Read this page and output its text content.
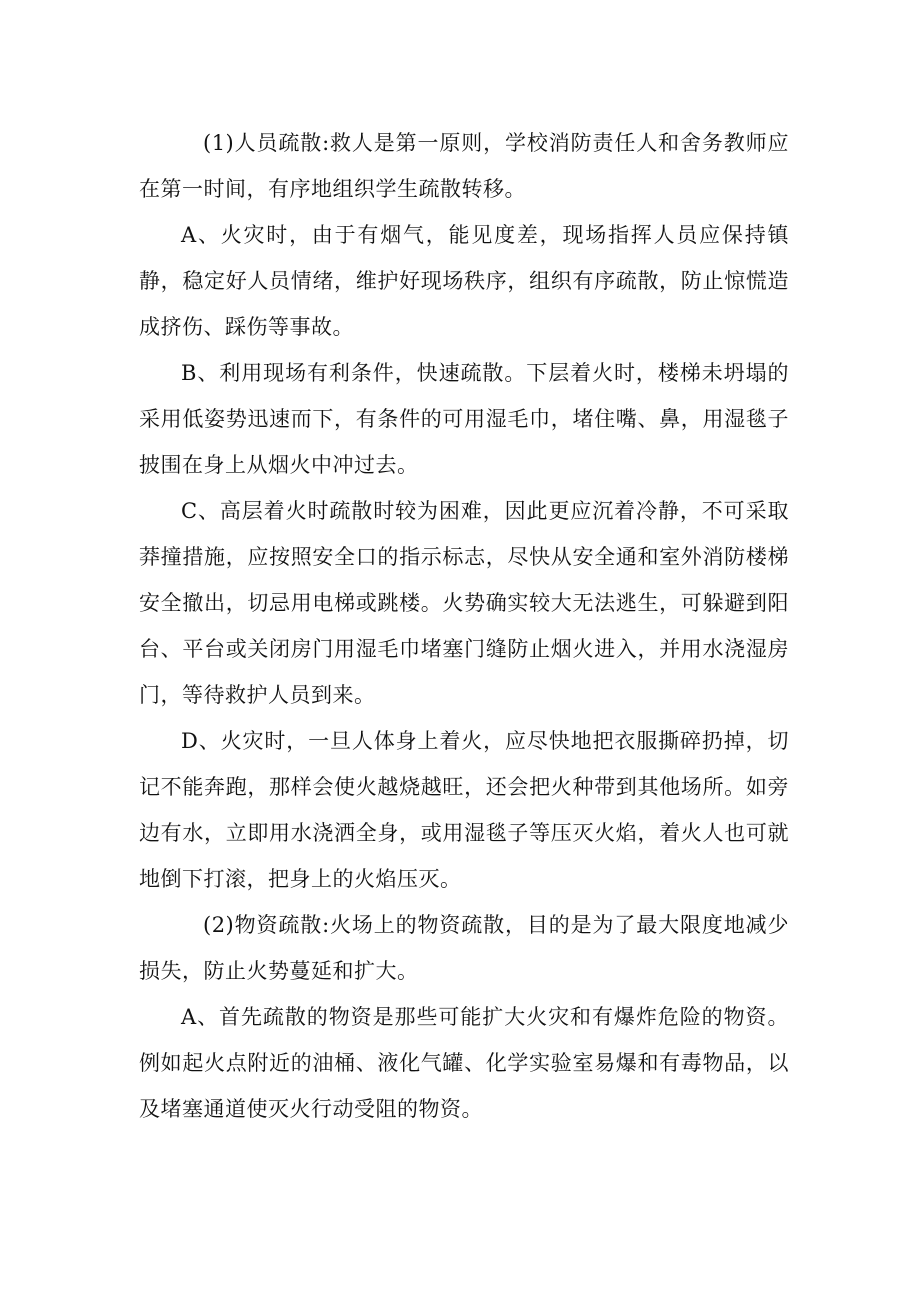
(1)人员疏散:救人是第一原则，学校消防责任人和舍务教师应在第一时间，有序地组织学生疏散转移。

A、火灾时，由于有烟气，能见度差，现场指挥人员应保持镇静，稳定好人员情绪，维护好现场秩序，组织有序疏散，防止惊慌造成挤伤、踩伤等事故。

B、利用现场有利条件，快速疏散。下层着火时，楼梯未坍塌的采用低姿势迅速而下，有条件的可用湿毛巾，堵住嘴、鼻，用湿毯子披围在身上从烟火中冲过去。

C、高层着火时疏散时较为困难，因此更应沉着冷静，不可采取莽撞措施，应按照安全口的指示标志，尽快从安全通和室外消防楼梯安全撤出，切忌用电梯或跳楼。火势确实较大无法逃生，可躲避到阳台、平台或关闭房门用湿毛巾堵塞门缝防止烟火进入，并用水浇湿房门，等待救护人员到来。

D、火灾时，一旦人体身上着火，应尽快地把衣服撕碎扔掉，切记不能奔跑，那样会使火越烧越旺，还会把火种带到其他场所。如旁边有水，立即用水浇洒全身，或用湿毯子等压灭火焰，着火人也可就地倒下打滚，把身上的火焰压灭。

(2)物资疏散:火场上的物资疏散，目的是为了最大限度地减少损失，防止火势蔓延和扩大。

A、首先疏散的物资是那些可能扩大火灾和有爆炸危险的物资。例如起火点附近的油桶、液化气罐、化学实验室易爆和有毒物品，以及堵塞通道使灭火行动受阻的物资。
